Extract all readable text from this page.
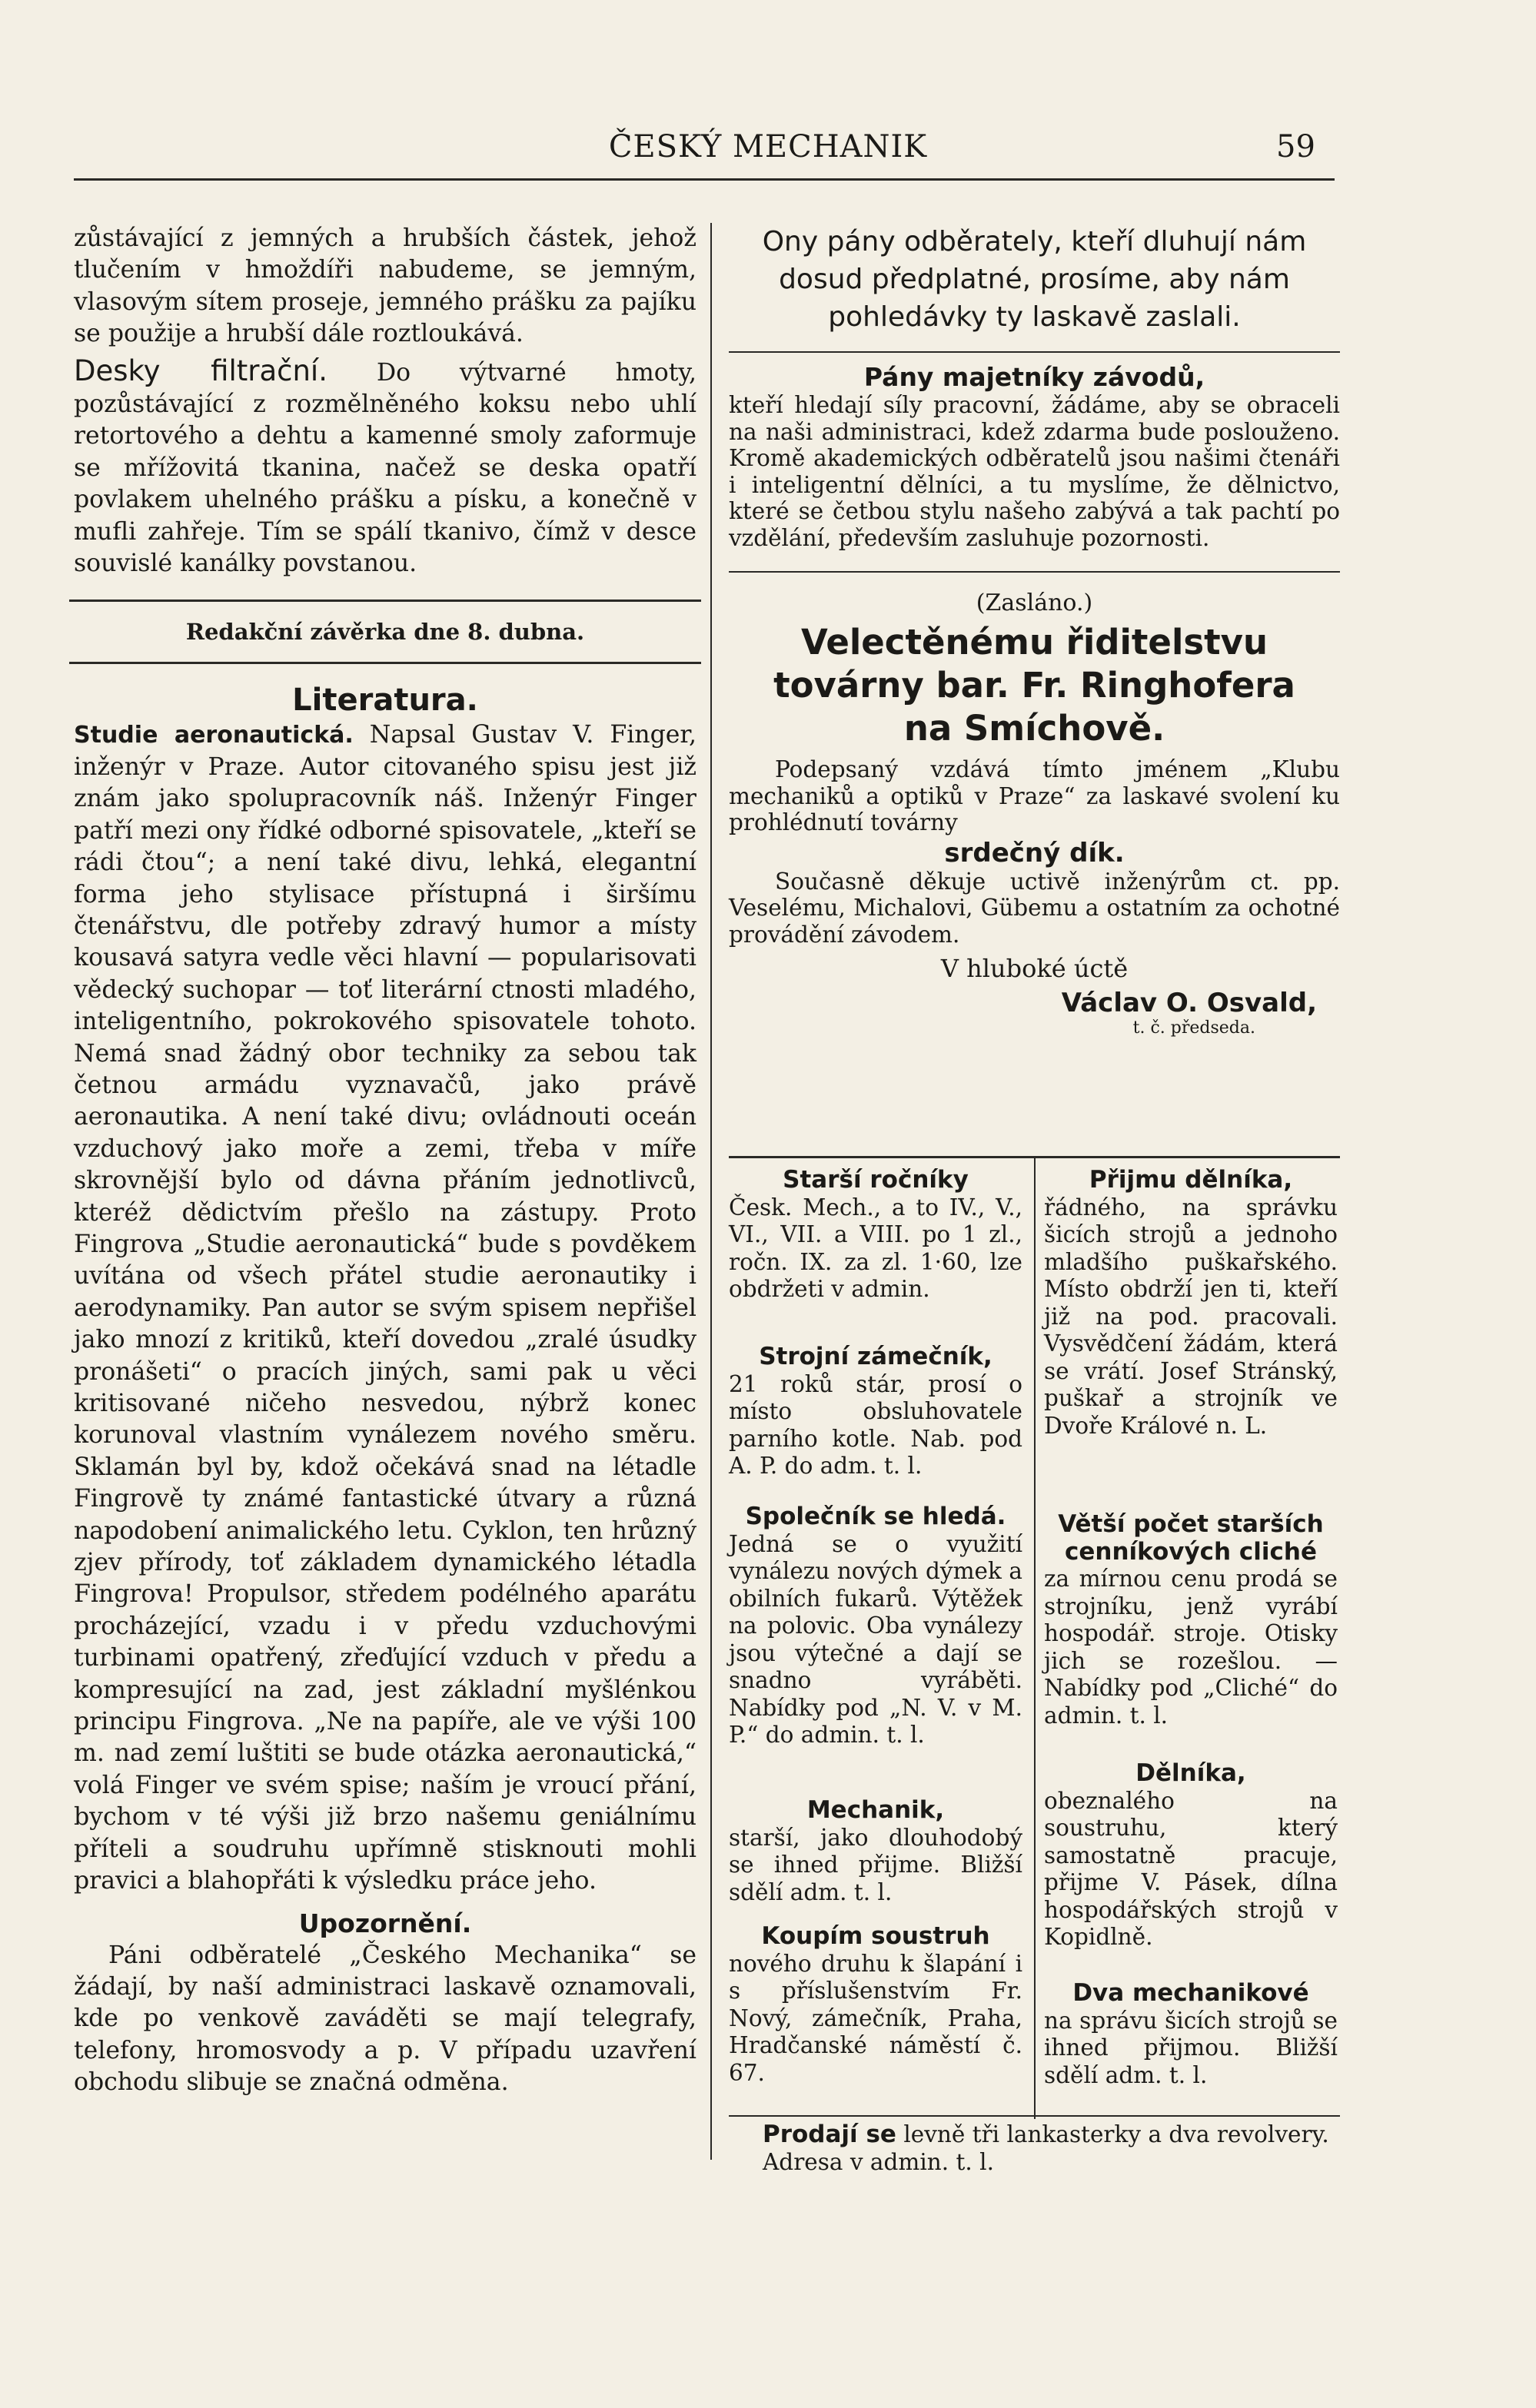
ČESKÝ MECHANIK	59

zůstávající z jemných a hrubších částek, jehož tlučením v hmoždíři nabudeme, se jemným, vlasovým sítem proseje, jemného prášku za pajíku se použije a hrubší dále roztloukává.

Desky filtrační. Do výtvarné hmoty, pozůstávající z rozmělněného koksu nebo uhlí retortového a dehtu a kamenné smoly zaformuje se mřížovitá tkanina, načež se deska opatří povlakem uhelného prášku a písku, a konečně v mufli zahřeje. Tím se spálí tkanivo, čímž v desce souvislé kanálky povstanou.

Redakční závěrka dne 8. dubna.

Literatura.

Studie aeronautická. Napsal Gustav V. Finger, inženýr v Praze. Autor citovaného spisu jest již znám jako spolupracovník náš. Inženýr Finger patří mezi ony řídké odborné spisovatele, „kteří se rádi čtou“; a není také divu, lehká, elegantní forma jeho stylisace přístupná i širšímu čtenářstvu, dle potřeby zdravý humor a místy kousavá satyra vedle věci hlavní — popularisovati vědecký suchopar — toť literární ctnosti mladého, inteligentního, pokrokového spisovatele tohoto. Nemá snad žádný obor techniky za sebou tak četnou armádu vyznavačů, jako právě aeronautika. A není také divu; ovládnouti oceán vzduchový jako moře a zemi, třeba v míře skrovnější bylo od dávna přáním jednotlivců, kteréž dědictvím přešlo na zástupy. Proto Fingrova „Studie aeronautická“ bude s povděkem uvítána od všech přátel studie aeronautiky i aerodynamiky. Pan autor se svým spisem nepřišel jako mnozí z kritiků, kteří dovedou „zralé úsudky pronášeti“ o pracích jiných, sami pak u věci kritisované ničeho nesvedou, nýbrž konec korunoval vlastním vynálezem nového směru. Sklamán byl by, kdož očekává snad na létadle Fingrově ty známé fantastické útvary a různá napodobení animalického letu. Cyklon, ten hrůzný zjev přírody, toť základem dynamického létadla Fingrova! Propulsor, středem podélného aparátu procházející, vzadu i v předu vzduchovými turbinami opatřený, zřeďující vzduch v předu a kompresující na zad, jest základní myšlénkou principu Fingrova. „Ne na papíře, ale ve výši 100 m. nad zemí luštiti se bude otázka aeronautická,“ volá Finger ve svém spise; naším je vroucí přání, bychom v té výši již brzo našemu geniálnímu příteli a soudruhu upřímně stisknouti mohli pravici a blahopřáti k výsledku práce jeho.

Upozornění.

Páni odběratelé „Českého Mechanika“ se žádají, by naší administraci laskavě oznamovali, kde po venkově zaváděti se mají telegrafy, telefony, hromosvody a p. V případu uzavření obchodu slibuje se značná odměna.

Ony pány odběrately, kteří dluhují nám dosud předplatné, prosíme, aby nám pohledávky ty laskavě zaslali.

Pány majetníky závodů,

kteří hledají síly pracovní, žádáme, aby se obraceli na naši administraci, kdež zdarma bude poslouženo. Kromě akademických odběratelů jsou našimi čtenáři i inteligentní dělníci, a tu myslíme, že dělnictvo, které se četbou stylu našeho zabývá a tak pachtí po vzdělání, především zasluhuje pozornosti.

(Zasláno.)

Velectěnému řiditelstvu

továrny bar. Fr. Ringhofera

na Smíchově.

Podepsaný vzdává tímto jménem „Klubu mechaniků a optiků v Praze“ za laskavé svolení ku prohlédnutí továrny

srdečný dík.

Současně děkuje uctivě inženýrům ct. pp. Veselému, Michalovi, Gübemu a ostatním za ochotné provádění závodem.

V hluboké úctě

Václav O. Osvald,

t. č. předseda.

Starší ročníky
Česk. Mech., a to IV., V., VI., VII. a VIII. po 1 zl., ročn. IX. za zl. 1·60, lze obdržeti v admin.
Strojní zámečník,
21 roků stár, prosí o místo obsluhovatele parního kotle. Nab. pod A. P. do adm. t. l.
Společník se hledá.
Jedná se o využití vynálezu nových dýmek a obilních fukarů. Výtěžek na polovic. Oba vynálezy jsou výtečné a dají se snadno vyráběti. Nabídky pod „N. V. v M. P.“ do admin. t. l.
Mechanik,
starší, jako dlouhodobý se ihned přijme. Bližší sdělí adm. t. l.
Koupím soustruh
nového druhu k šlapání i s příslušenstvím Fr. Nový, zámečník, Praha, Hradčanské náměstí č. 67.
Přijmu dělníka,
řádného, na správku šicích strojů a jednoho mladšího puškařského. Místo obdrží jen ti, kteří již na pod. pracovali. Vysvědčení žádám, která se vrátí. Josef Stránský, puškař a strojník ve Dvoře Králové n. L.
Větší počet starších cenníkových cliché
za mírnou cenu prodá se strojníku, jenž vyrábí hospodář. stroje. Otisky jich se rozešlou. — Nabídky pod „Cliché“ do admin. t. l.
Dělníka,
obeznalého na soustruhu, který samostatně pracuje, přijme V. Pásek, dílna hospodářských strojů v Kopidlně.
Dva mechanikové
na správu šicích strojů se ihned přijmou. Bližší sdělí adm. t. l.
Prodají se levně tři lankasterky a dva revolvery. Adresa v admin. t. l.
